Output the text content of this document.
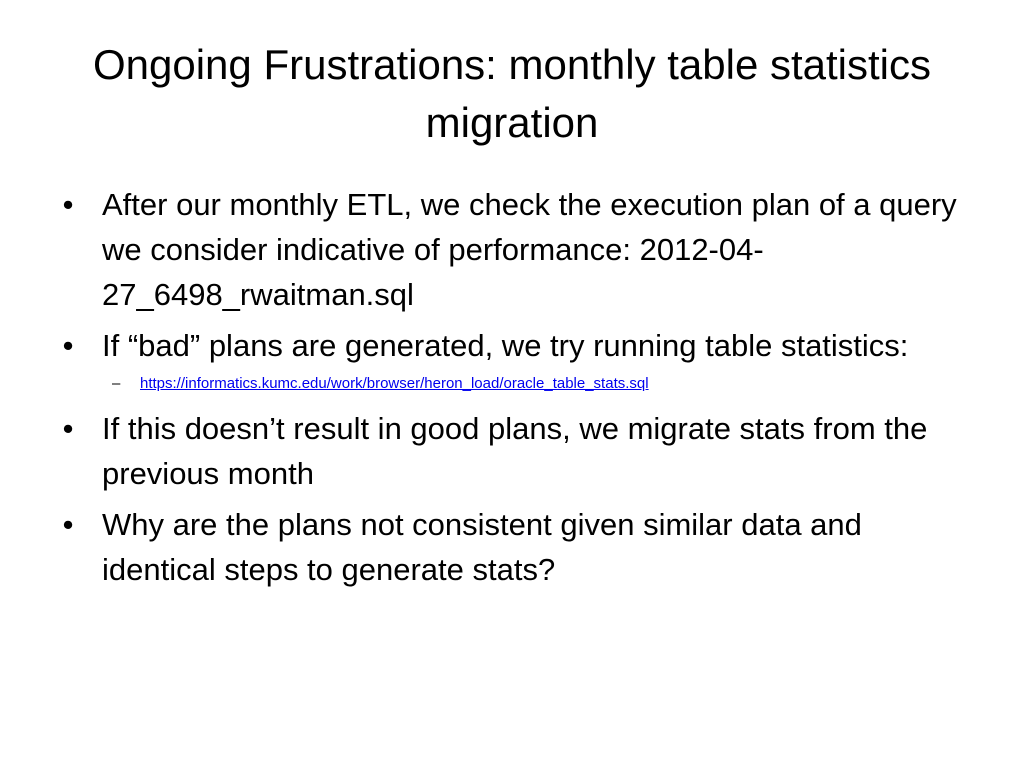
Ongoing Frustrations: monthly table statistics migration
• After our monthly ETL, we check the execution plan of a query we consider indicative of performance: 2012-04-27_6498_rwaitman.sql
• If “bad” plans are generated, we try running table statistics:
– https://informatics.kumc.edu/work/browser/heron_load/oracle_table_stats.sql
• If this doesn’t result in good plans, we migrate stats from the previous month
• Why are the plans not consistent given similar data and identical steps to generate stats?
